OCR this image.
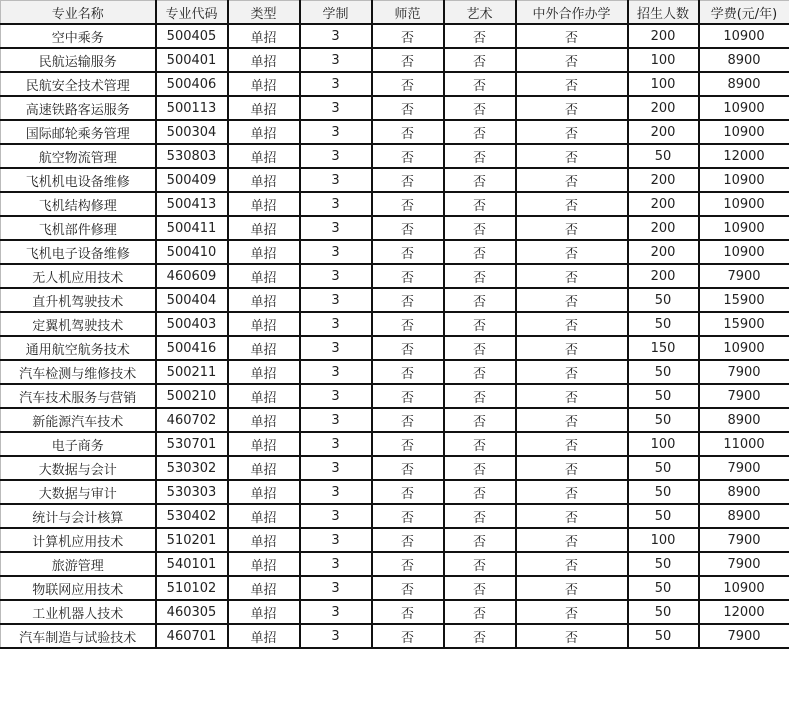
专业名称	专业代码	类型	学制	师范	艺术	中外合作办学	招生人数	学费(元/年)
空中乘务	500405	单招	3	否	否	否	200	10900
民航运输服务	500401	单招	3	否	否	否	100	8900
民航安全技术管理	500406	单招	3	否	否	否	100	8900
高速铁路客运服务	500113	单招	3	否	否	否	200	10900
国际邮轮乘务管理	500304	单招	3	否	否	否	200	10900
航空物流管理	530803	单招	3	否	否	否	50	12000
飞机机电设备维修	500409	单招	3	否	否	否	200	10900
飞机结构修理	500413	单招	3	否	否	否	200	10900
飞机部件修理	500411	单招	3	否	否	否	200	10900
飞机电子设备维修	500410	单招	3	否	否	否	200	10900
无人机应用技术	460609	单招	3	否	否	否	200	7900
直升机驾驶技术	500404	单招	3	否	否	否	50	15900
定翼机驾驶技术	500403	单招	3	否	否	否	50	15900
通用航空航务技术	500416	单招	3	否	否	否	150	10900
汽车检测与维修技术	500211	单招	3	否	否	否	50	7900
汽车技术服务与营销	500210	单招	3	否	否	否	50	7900
新能源汽车技术	460702	单招	3	否	否	否	50	8900
电子商务	530701	单招	3	否	否	否	100	11000
大数据与会计	530302	单招	3	否	否	否	50	7900
大数据与审计	530303	单招	3	否	否	否	50	8900
统计与会计核算	530402	单招	3	否	否	否	50	8900
计算机应用技术	510201	单招	3	否	否	否	100	7900
旅游管理	540101	单招	3	否	否	否	50	7900
物联网应用技术	510102	单招	3	否	否	否	50	10900
工业机器人技术	460305	单招	3	否	否	否	50	12000
汽车制造与试验技术	460701	单招	3	否	否	否	50	7900
